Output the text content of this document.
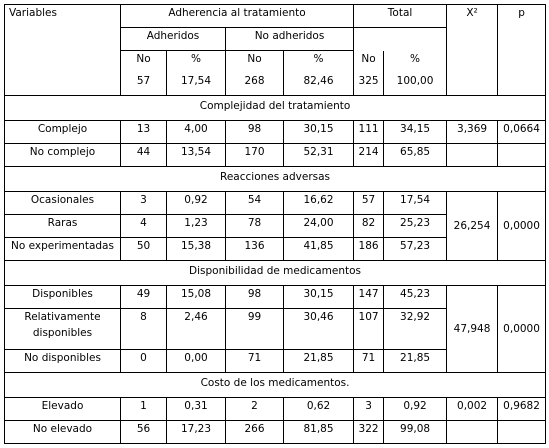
Variables	Adherencia al tratamiento				Total		X²	p
	Adheridos		No adheridos					
	No	%	No	%	No	%		
	57	17,54	268	82,46	325	100,00		
Complejidad del tratamiento								
Complejo	13	4,00	98	30,15	111	34,15	3,369	0,0664
No complejo	44	13,54	170	52,31	214	65,85		
Reacciones adversas								
Ocasionales	3	0,92	54	16,62	57	17,54	26,254	0,0000
Raras	4	1,23	78	24,00	82	25,23		
No experimentadas	50	15,38	136	41,85	186	57,23		
Disponibilidad de medicamentos								
Disponibles	49	15,08	98	30,15	147	45,23	47,948	0,0000

Relativamente
disponibles	8	2,46	99	30,46	107	32,92		
No disponibles	0	0,00	71	21,85	71	21,85		
Costo de los medicamentos.								
Elevado	1	0,31	2	0,62	3	0,92	0,002	0,9682
No elevado	56	17,23	266	81,85	322	99,08		
